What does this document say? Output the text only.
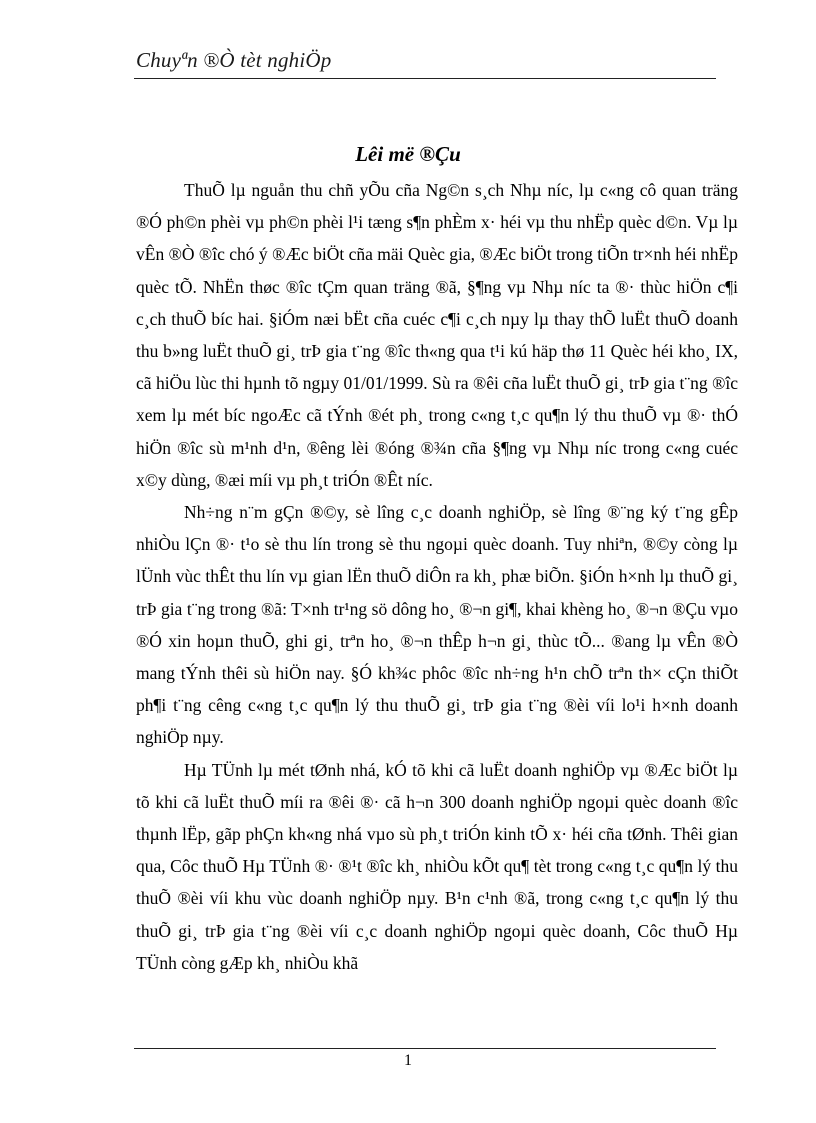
Chuyªn ®Ò tèt nghiÖp
Lêi më ®Çu

ThuÕ lµ nguån thu chñ yÕu cña Ng©n s¸ch Nhµ níc, lµ c«ng cô quan träng ®Ó ph©n phèi vµ ph©n phèi l¹i tæng s¶n phÈm x· héi vµ thu nhËp quèc d©n. Vµ lµ vÊn ®Ò ®îc chó ý ®Æc biÖt cña mäi Quèc gia, ®Æc biÖt trong tiÕn tr×nh héi nhËp quèc tÕ. NhËn thøc ®îc tÇm quan träng ®ã, §¶ng vµ Nhµ níc ta ®· thùc hiÖn c¶i c¸ch thuÕ bíc hai. §iÓm næi bËt cña cuéc c¶i c¸ch nµy lµ thay thÕ luËt thuÕ doanh thu b»ng luËt thuÕ gi¸ trÞ gia t¨ng ®îc th«ng qua t¹i kú häp thø 11 Quèc héi kho¸ IX, cã hiÖu lùc thi hµnh tõ ngµy 01/01/1999. Sù ra ®êi cña luËt thuÕ gi¸ trÞ gia t¨ng ®îc xem lµ mét bíc ngoÆc cã tÝnh ®ét ph¸ trong c«ng t¸c qu¶n lý thu thuÕ vµ ®· thÓ hiÖn ®îc sù m¹nh d¹n, ®êng lèi ®óng ®¾n cña §¶ng vµ Nhµ níc trong c«ng cuéc x©y dùng, ®æi míi vµ ph¸t triÓn ®Êt níc.

Nh÷ng n¨m gÇn ®©y, sè lîng c¸c doanh nghiÖp, sè lîng ®¨ng ký t¨ng gÊp nhiÒu lÇn ®· t¹o sè thu lín trong sè thu ngoµi quèc doanh. Tuy nhiªn, ®©y còng lµ lÜnh vùc thÊt thu lín vµ gian lËn thuÕ diÔn ra kh¸ phæ biÕn. §iÓn h×nh lµ thuÕ gi¸ trÞ gia t¨ng trong ®ã: T×nh tr¹ng sö dông ho¸ ®¬n gi¶, khai khèng ho¸ ®¬n ®Çu vµo ®Ó xin hoµn thuÕ, ghi gi¸ trªn ho¸ ®¬n thÊp h¬n gi¸ thùc tÕ... ®ang lµ vÊn ®Ò mang tÝnh thêi sù hiÖn nay. §Ó kh¾c phôc ®îc nh÷ng h¹n chÕ trªn th× cÇn thiÕt ph¶i t¨ng cêng c«ng t¸c qu¶n lý thu thuÕ gi¸ trÞ gia t¨ng ®èi víi lo¹i h×nh doanh nghiÖp nµy.

Hµ TÜnh lµ mét tØnh nhá, kÓ tõ khi cã luËt doanh nghiÖp vµ ®Æc biÖt lµ tõ khi cã luËt thuÕ míi ra ®êi ®· cã h¬n 300 doanh nghiÖp ngoµi quèc doanh ®îc thµnh lËp, gãp phÇn kh«ng nhá vµo sù ph¸t triÓn kinh tÕ x· héi cña tØnh. Thêi gian qua, Côc thuÕ Hµ TÜnh ®· ®¹t ®îc kh¸ nhiÒu kÕt qu¶ tèt trong c«ng t¸c qu¶n lý thu thuÕ ®èi víi khu vùc doanh nghiÖp nµy. B¹n c¹nh ®ã, trong c«ng t¸c qu¶n lý thu thuÕ gi¸ trÞ gia t¨ng ®èi víi c¸c doanh nghiÖp ngoµi quèc doanh, Côc thuÕ Hµ TÜnh còng gÆp kh¸ nhiÒu khã

1
